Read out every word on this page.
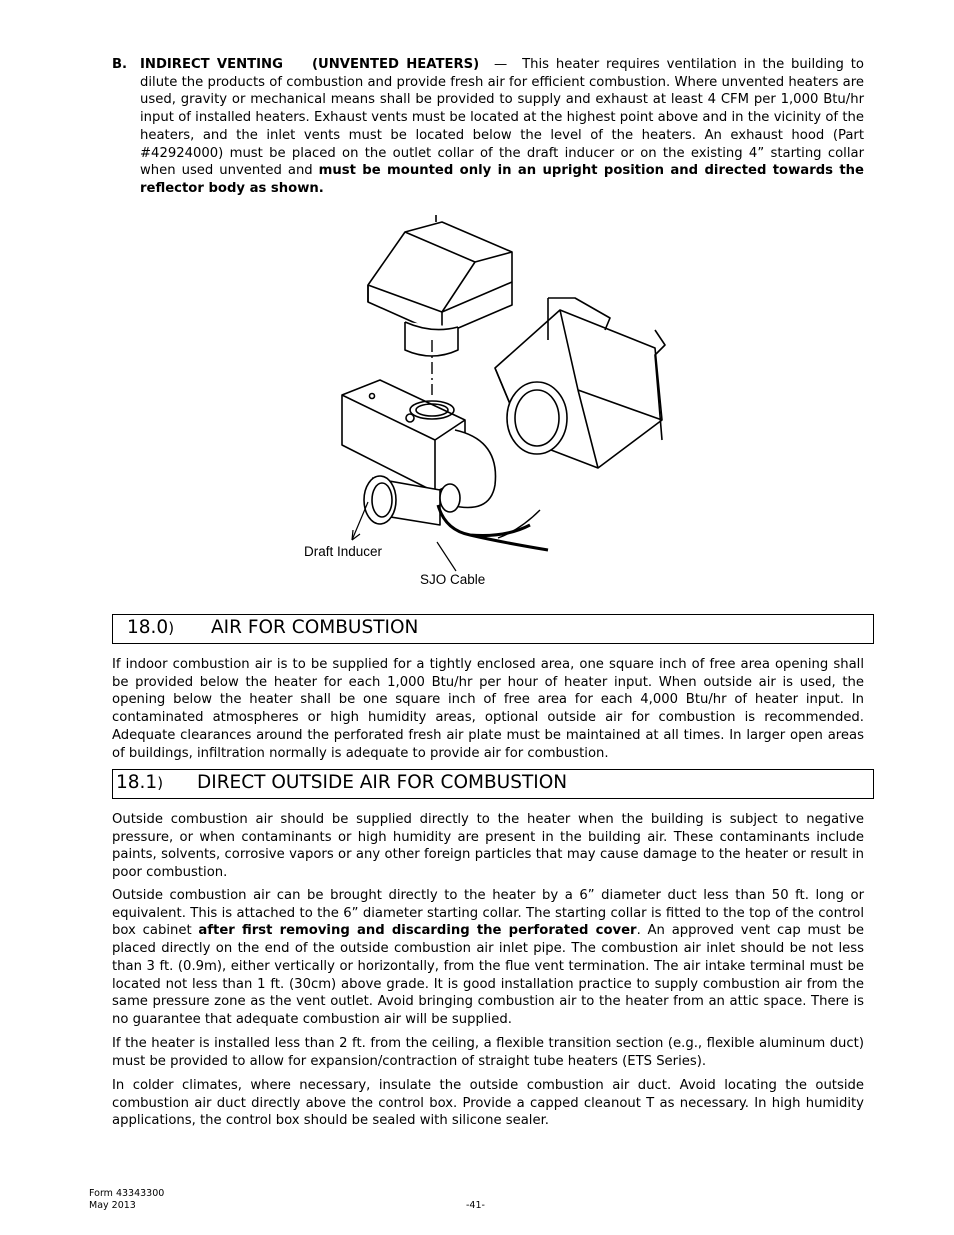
B. INDIRECT VENTING    (UNVENTED HEATERS) — This heater requires ventilation in the building to dilute the products of combustion and provide fresh air for efficient combustion. Where unvented heaters are used, gravity or mechanical means shall be provided to supply and exhaust at least 4 CFM per 1,000 Btu/hr input of installed heaters. Exhaust vents must be located at the highest point above and in the vicinity of the heaters, and the inlet vents must be located below the level of the heaters. An exhaust hood (Part #42924000) must be placed on the outlet collar of the draft inducer or on the existing 4” starting collar when used unvented and must be mounted only in an upright position and directed towards the reflector body as shown.
Draft Inducer
SJO Cable
18.0) AIR FOR COMBUSTION
If indoor combustion air is to be supplied for a tightly enclosed area, one square inch of free area opening shall be provided below the heater for each 1,000 Btu/hr per hour of heater input. When outside air is used, the opening below the heater shall be one square inch of free area for each 4,000 Btu/hr of heater input. In contaminated atmospheres or high humidity areas, optional outside air for combustion is recommended. Adequate clearances around the perforated fresh air plate must be maintained at all times. In larger open areas of buildings, infiltration normally is adequate to provide air for combustion.
18.1) DIRECT OUTSIDE AIR FOR COMBUSTION
Outside combustion air should be supplied directly to the heater when the building is subject to negative pressure, or when contaminants or high humidity are present in the building air. These contaminants include paints, solvents, corrosive vapors or any other foreign particles that may cause damage to the heater or result in poor combustion.
Outside combustion air can be brought directly to the heater by a 6” diameter duct less than 50 ft. long or equivalent. This is attached to the 6” diameter starting collar. The starting collar is fitted to the top of the control box cabinet after first removing and discarding the perforated cover. An approved vent cap must be placed directly on the end of the outside combustion air inlet pipe. The combustion air inlet should be not less than 3 ft. (0.9m), either vertically or horizontally, from the flue vent termination. The air intake terminal must be located not less than 1 ft. (30cm) above grade. It is good installation practice to supply combustion air from the same pressure zone as the vent outlet. Avoid bringing combustion air to the heater from an attic space. There is no guarantee that adequate combustion air will be supplied.
If the heater is installed less than 2 ft. from the ceiling, a flexible transition section (e.g., flexible aluminum duct) must be provided to allow for expansion/contraction of straight tube heaters (ETS Series).
In colder climates, where necessary, insulate the outside combustion air duct. Avoid locating the outside combustion air duct directly above the control box. Provide a capped cleanout T as necessary. In high humidity applications, the control box should be sealed with silicone sealer.
Form 43343300
May 2013	-41-
